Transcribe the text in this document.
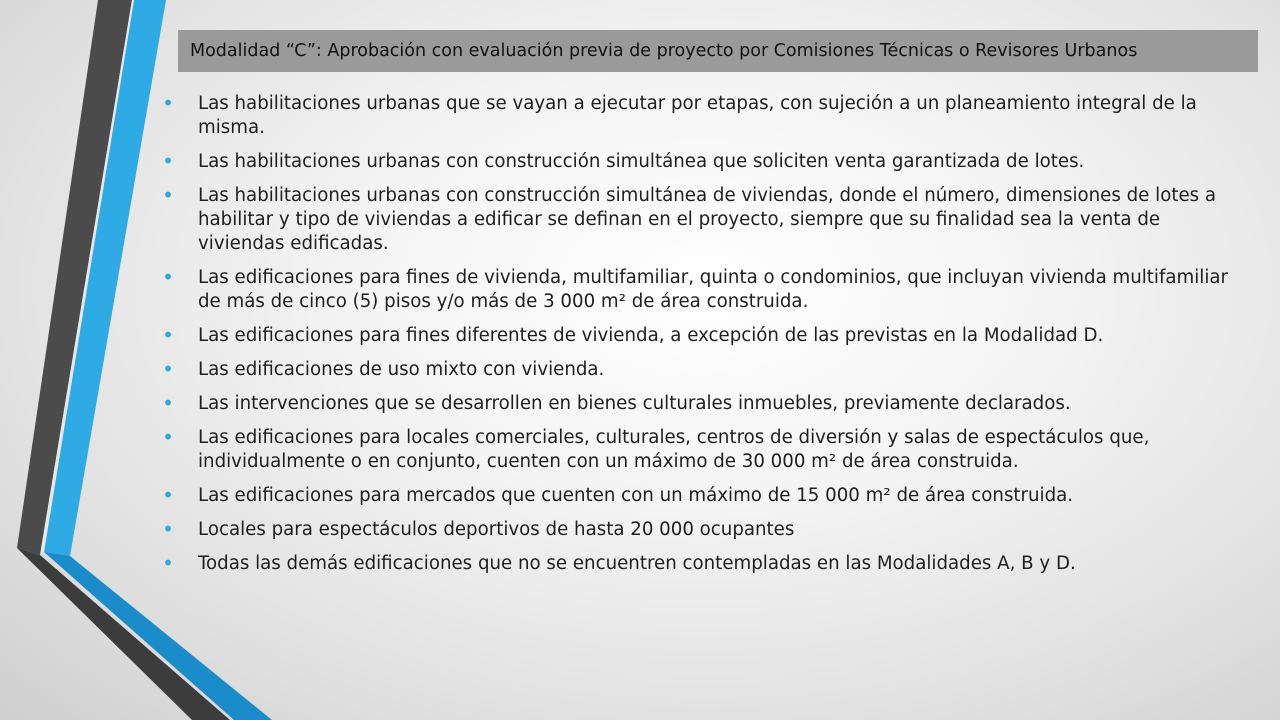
Modalidad “C”: Aprobación con evaluación previa de proyecto por Comisiones Técnicas o Revisores Urbanos
• Las habilitaciones urbanas que se vayan a ejecutar por etapas, con sujeción a un planeamiento integral de la misma.
• Las habilitaciones urbanas con construcción simultánea que soliciten venta garantizada de lotes.
• Las habilitaciones urbanas con construcción simultánea de viviendas, donde el número, dimensiones de lotes a habilitar y tipo de viviendas a edificar se definan en el proyecto, siempre que su finalidad sea la venta de viviendas edificadas.
• Las edificaciones para fines de vivienda, multifamiliar, quinta o condominios, que incluyan vivienda multifamiliar de más de cinco (5) pisos y/o más de 3 000 m² de área construida.
• Las edificaciones para fines diferentes de vivienda, a excepción de las previstas en la Modalidad D.
• Las edificaciones de uso mixto con vivienda.
• Las intervenciones que se desarrollen en bienes culturales inmuebles, previamente declarados.
• Las edificaciones para locales comerciales, culturales, centros de diversión y salas de espectáculos que, individualmente o en conjunto, cuenten con un máximo de 30 000 m² de área construida.
• Las edificaciones para mercados que cuenten con un máximo de 15 000 m² de área construida.
• Locales para espectáculos deportivos de hasta 20 000 ocupantes
• Todas las demás edificaciones que no se encuentren contempladas en las Modalidades A, B y D.
